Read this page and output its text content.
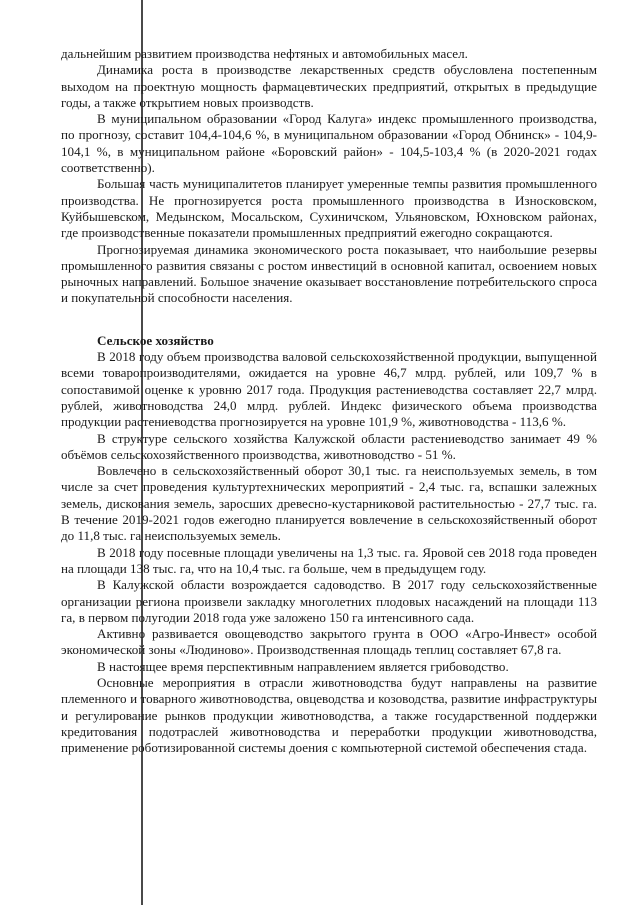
дальнейшим развитием производства нефтяных и автомобильных масел.

Динамика роста в производстве лекарственных средств обусловлена постепенным выходом на проектную мощность фармацевтических предприятий, открытых в предыдущие годы, а также открытием новых производств.

В муниципальном образовании «Город Калуга» индекс промышленного производства, по прогнозу, составит 104,4-104,6 %, в муниципальном образовании «Город Обнинск» - 104,9-104,1 %, в муниципальном районе «Боровский район» - 104,5-103,4 % (в 2020-2021 годах соответственно).

Большая часть муниципалитетов планирует умеренные темпы развития промышленного производства. Не прогнозируется роста промышленного производства в Износковском, Куйбышевском, Медынском, Мосальском, Сухиничском, Ульяновском, Юхновском районах, где производственные показатели промышленных предприятий ежегодно сокращаются.

Прогнозируемая динамика экономического роста показывает, что наибольшие резервы промышленного развития связаны с ростом инвестиций в основной капитал, освоением новых рыночных направлений. Большое значение оказывает восстановление потребительского спроса и покупательной способности населения.

Сельское хозяйство

В 2018 году объем производства валовой сельскохозяйственной продукции, выпущенной всеми товаропроизводителями, ожидается на уровне 46,7 млрд. рублей, или 109,7 % в сопоставимой оценке к уровню 2017 года. Продукция растениеводства составляет 22,7 млрд. рублей, животноводства 24,0 млрд. рублей. Индекс физического объема производства продукции растениеводства прогнозируется на уровне 101,9 %, животноводства - 113,6 %.

В структуре сельского хозяйства Калужской области растениеводство занимает 49 % объёмов сельскохозяйственного производства, животноводство - 51 %.

Вовлечено в сельскохозяйственный оборот 30,1 тыс. га неиспользуемых земель, в том числе за счет проведения культуртехнических мероприятий - 2,4 тыс. га, вспашки залежных земель, дискования земель, заросших древесно-кустарниковой растительностью - 27,7 тыс. га. В течение 2019-2021 годов ежегодно планируется вовлечение в сельскохозяйственный оборот до 11,8 тыс. га неиспользуемых земель.

В 2018 году посевные площади увеличены на 1,3 тыс. га. Яровой сев 2018 года проведен на площади 138 тыс. га, что на 10,4 тыс. га больше, чем в предыдущем году.

В Калужской области возрождается садоводство. В 2017 году сельскохозяйственные организации региона произвели закладку многолетних плодовых насаждений на площади 113 га, в первом полугодии 2018 года уже заложено 150 га интенсивного сада.

Активно развивается овощеводство закрытого грунта в ООО «Агро-Инвест» особой экономической зоны «Людиново». Производственная площадь теплиц составляет 67,8 га.

В настоящее время перспективным направлением является грибоводство.

Основные мероприятия в отрасли животноводства будут направлены на развитие племенного и товарного животноводства, овцеводства и козоводства, развитие инфраструктуры и регулирование рынков продукции животноводства, а также государственной поддержки кредитования подотраслей животноводства и переработки продукции животноводства, применение роботизированной системы доения с компьютерной системой обеспечения стада.
